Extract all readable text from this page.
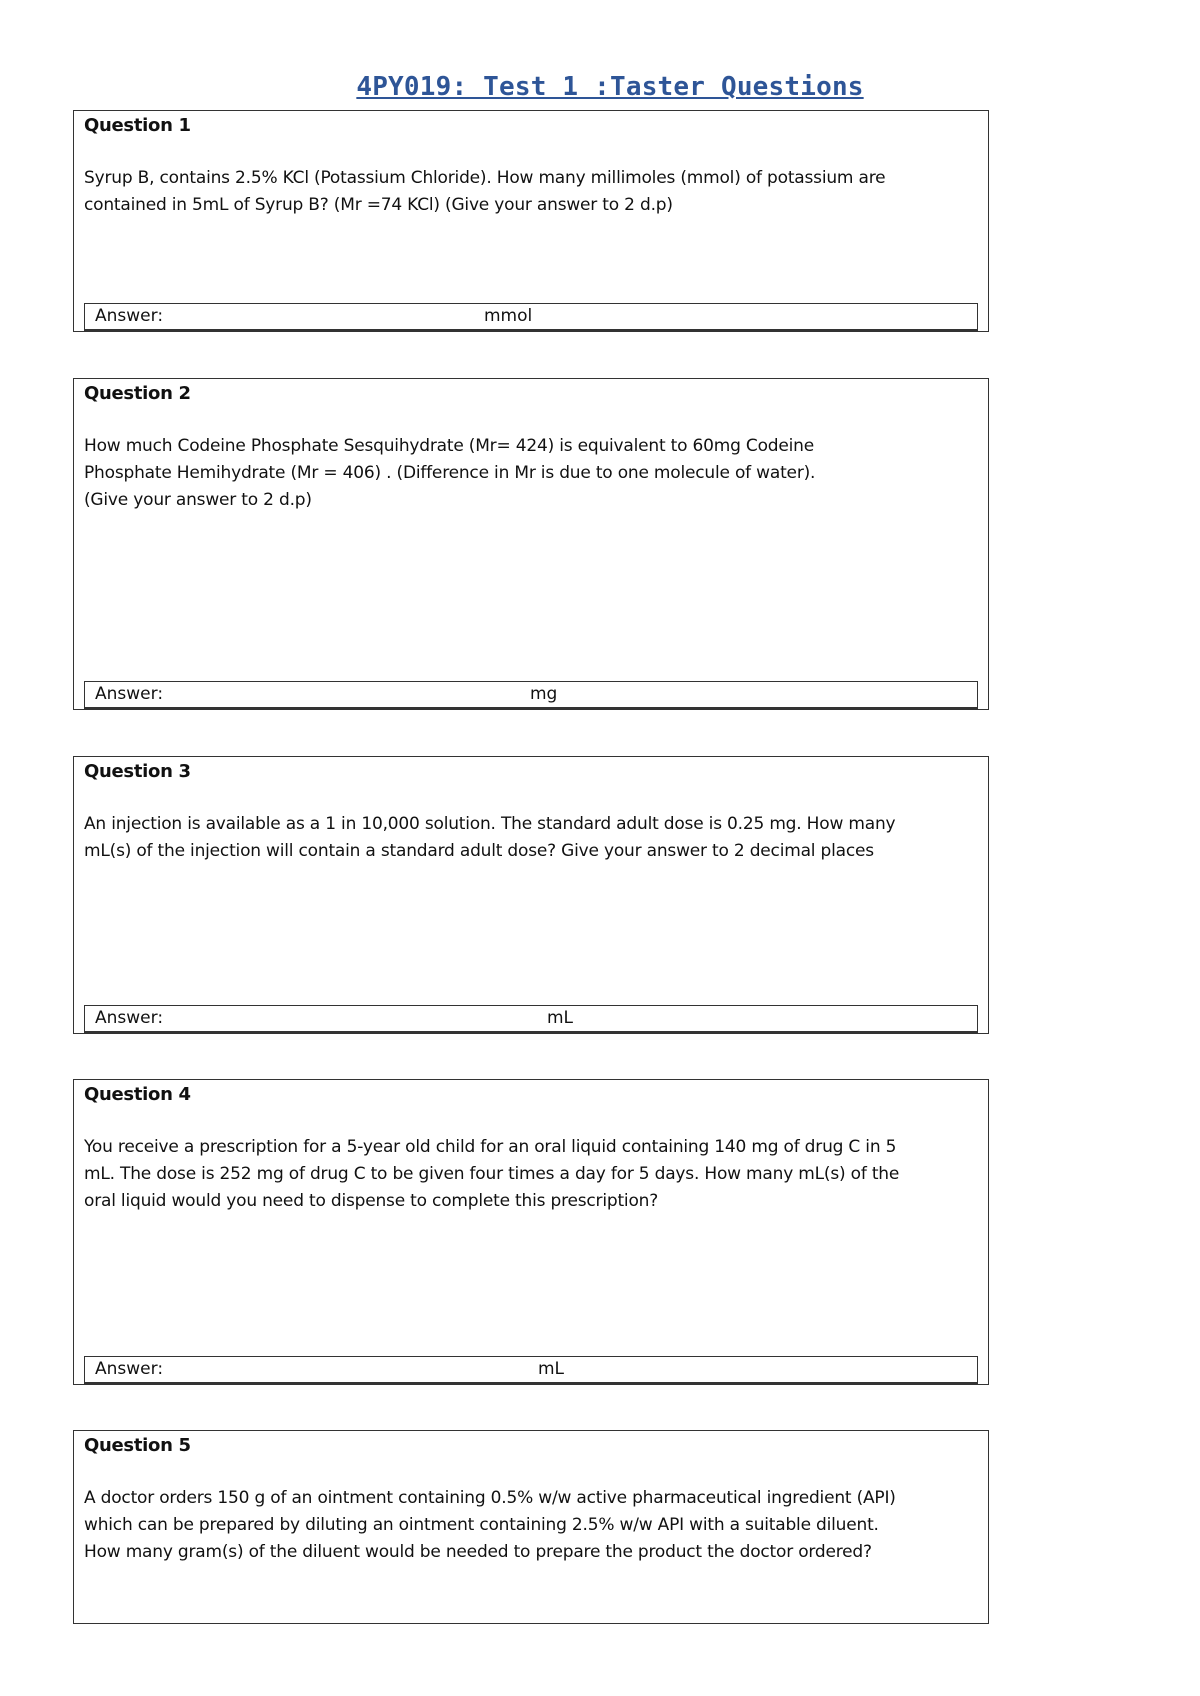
4PY019: Test 1 :Taster Questions
Question 1
Syrup B, contains 2.5% KCl (Potassium Chloride). How many millimoles (mmol) of potassium are
contained in 5mL of Syrup B? (Mr =74 KCl) (Give your answer to 2 d.p)
Answer:	mmol
Question 2
How much Codeine Phosphate Sesquihydrate (Mr= 424) is equivalent to 60mg Codeine
Phosphate Hemihydrate (Mr = 406) . (Difference in Mr is due to one molecule of water).
(Give your answer to 2 d.p)
Answer:	mg
Question 3
An injection is available as a 1 in 10,000 solution. The standard adult dose is 0.25 mg. How many
mL(s) of the injection will contain a standard adult dose? Give your answer to 2 decimal places
Answer:	mL
Question 4
You receive a prescription for a 5-year old child for an oral liquid containing 140 mg of drug C in 5
mL. The dose is 252 mg of drug C to be given four times a day for 5 days. How many mL(s) of the
oral liquid would you need to dispense to complete this prescription?
Answer:	mL
Question 5
A doctor orders 150 g of an ointment containing 0.5% w/w active pharmaceutical ingredient (API)
which can be prepared by diluting an ointment containing 2.5% w/w API with a suitable diluent.
How many gram(s) of the diluent would be needed to prepare the product the doctor ordered?
